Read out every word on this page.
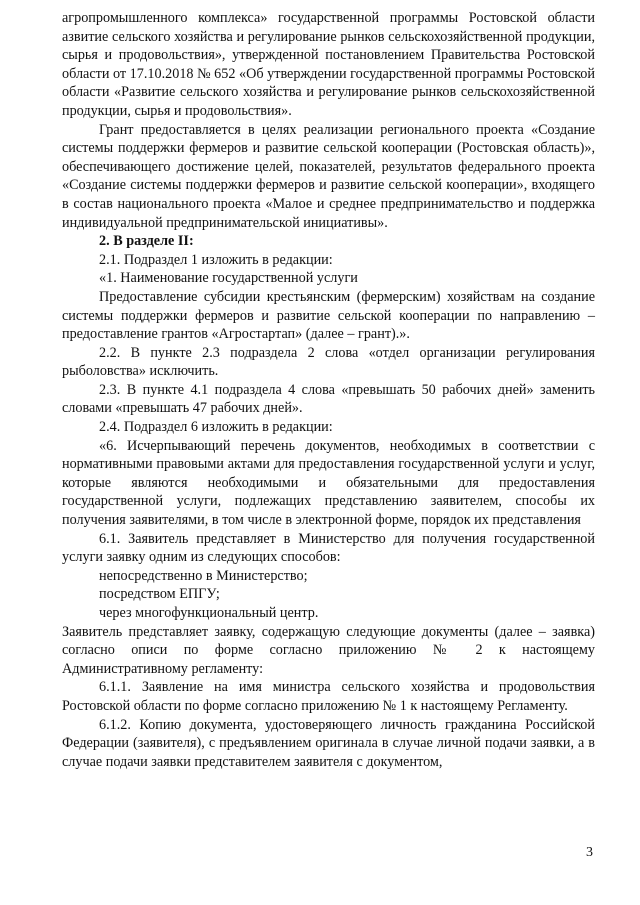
агропромышленного комплекса» государственной программы Ростовской области азвитие сельского хозяйства и регулирование рынков сельскохозяйственной продукции, сырья и продовольствия», утвержденной постановлением Правительства Ростовской области от 17.10.2018 № 652 «Об утверждении государственной программы Ростовской области «Развитие сельского хозяйства и регулирование рынков сельскохозяйственной продукции, сырья и продовольствия».

Грант предоставляется в целях реализации регионального проекта «Создание системы поддержки фермеров и развитие сельской кооперации (Ростовская область)», обеспечивающего достижение целей, показателей, результатов федерального проекта «Создание системы поддержки фермеров и развитие сельской кооперации», входящего в состав национального проекта «Малое и среднее предпринимательство и поддержка индивидуальной предпринимательской инициативы».

2. В разделе II:

2.1. Подраздел 1 изложить в редакции:

«1. Наименование государственной услуги

Предоставление субсидии крестьянским (фермерским) хозяйствам на создание системы поддержки фермеров и развитие сельской кооперации по направлению – предоставление грантов «Агростартап» (далее – грант).».

2.2. В пункте 2.3 подраздела 2 слова «отдел организации регулирования рыболовства» исключить.

2.3. В пункте 4.1 подраздела 4 слова «превышать 50 рабочих дней» заменить словами «превышать 47 рабочих дней».

2.4. Подраздел 6 изложить в редакции:

«6. Исчерпывающий перечень документов, необходимых в соответствии с нормативными правовыми актами для предоставления государственной услуги и услуг, которые являются необходимыми и обязательными для предоставления государственной услуги, подлежащих представлению заявителем, способы их получения заявителями, в том числе в электронной форме, порядок их представления

6.1. Заявитель представляет в Министерство для получения государственной услуги заявку одним из следующих способов:

непосредственно в Министерство;

посредством ЕПГУ;

через многофункциональный центр.

Заявитель представляет заявку, содержащую следующие документы (далее – заявка) согласно описи по форме согласно приложению № 2 к настоящему Административному регламенту:

6.1.1. Заявление на имя министра сельского хозяйства и продовольствия Ростовской области по форме согласно приложению № 1 к настоящему Регламенту.

6.1.2. Копию документа, удостоверяющего личность гражданина Российской Федерации (заявителя), с предъявлением оригинала в случае личной подачи заявки, а в случае подачи заявки представителем заявителя с документом,

3
